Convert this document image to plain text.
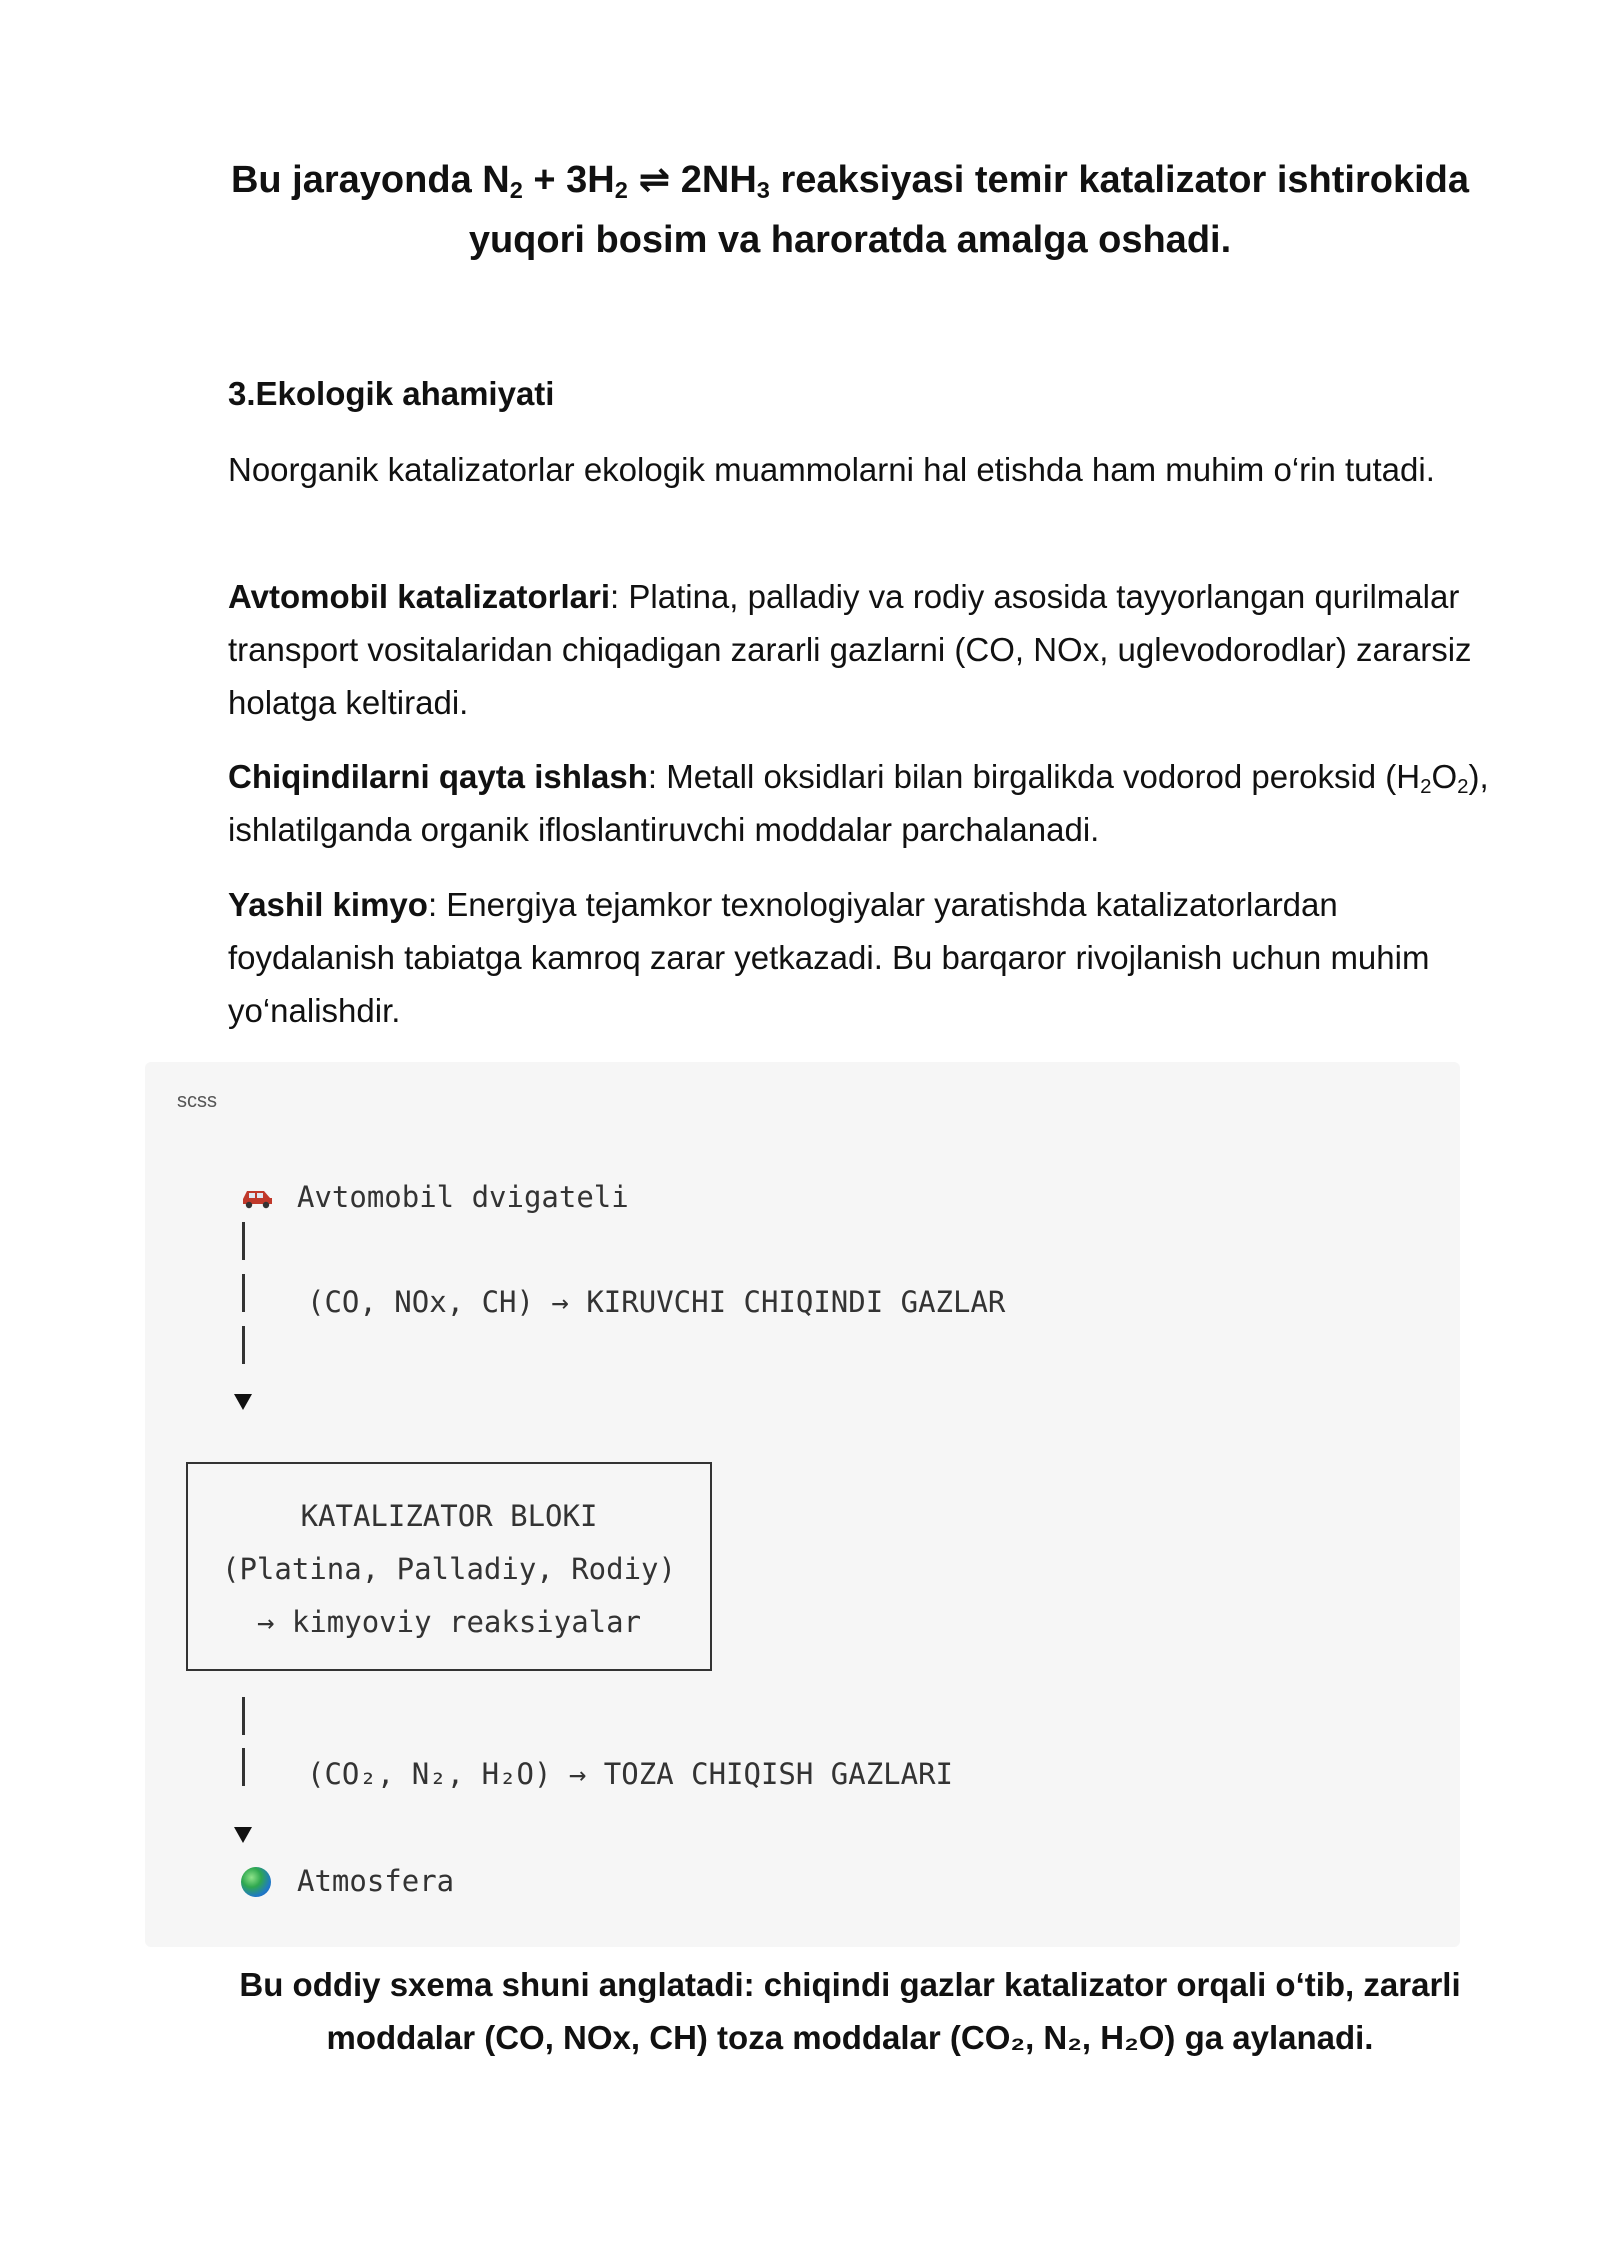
Bu jarayonda $N_2 + 3H_2$ ⇌ $2NH_3$ reaksiyasi temir katalizator ishtirokida
yuqori bosim va haroratda amalga oshadi.
3.Ekologik ahamiyati
Noorganik katalizatorlar ekologik muammolarni hal etishda ham muhim o‘rin tutadi.
Avtomobil katalizatorlari: Platina, palladiy va rodiy asosida tayyorlangan qurilmalar transport vositalaridan chiqadigan zararli gazlarni (CO, NOx, uglevodorodlar) zararsiz holatga keltiradi.
Chiqindilarni qayta ishlash: Metall oksidlari bilan birgalikda vodorod peroksid $(H_2O_2)$, ishlatilganda organik ifloslantiruvchi moddalar parchalanadi.
Yashil kimyo: Energiya tejamkor texnologiyalar yaratishda katalizatorlardan foydalanish tabiatga kamroq zarar yetkazadi. Bu barqaror rivojlanish uchun muhim yo‘nalishdir.
scss
Avtomobil dvigateli
(CO, NOx, CH) → KIRUVCHI CHIQINDI GAZLAR
KATALIZATOR BLOKI
(Platina, Palladiy, Rodiy)
→ kimyoviy reaksiyalar
(CO₂, N₂, H₂O) → TOZA CHIQISH GAZLARI
Atmosfera
Bu oddiy sxema shuni anglatadi: chiqindi gazlar katalizator orqali o‘tib, zararli
moddalar (CO, NOx, CH) toza moddalar (CO₂, N₂, H₂O) ga aylanadi.
